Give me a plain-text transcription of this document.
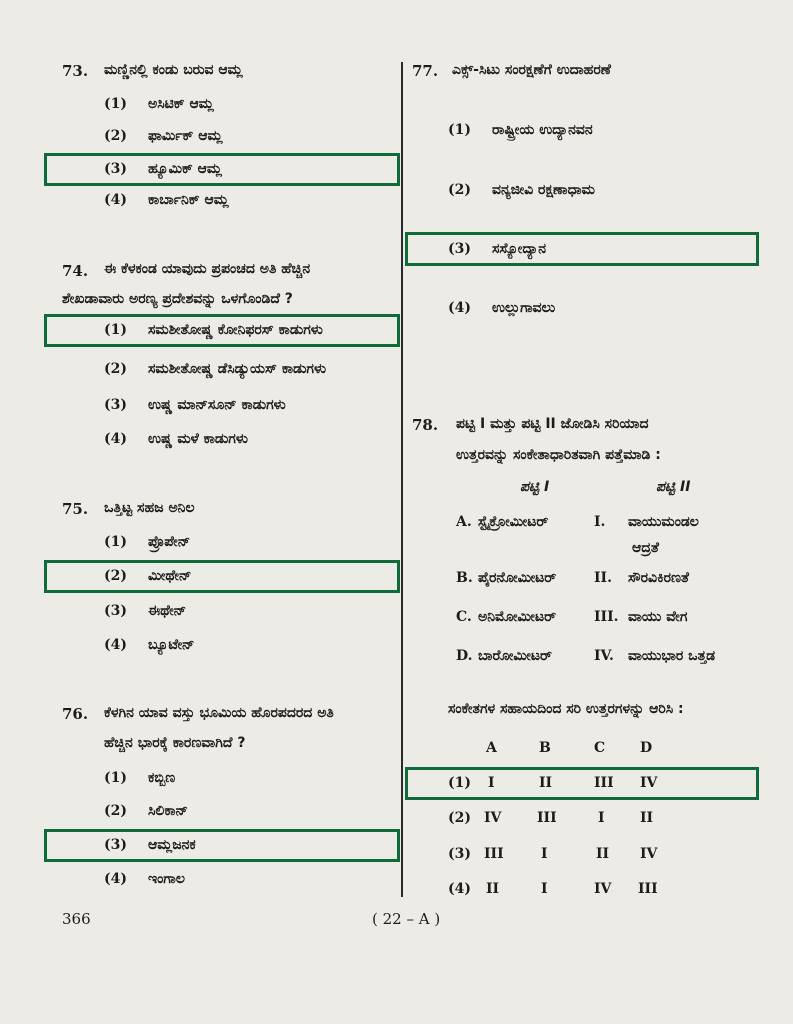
73. ಮಣ್ಣಿನಲ್ಲಿ ಕಂಡು ಬರುವ ಆಮ್ಲ
(1) ಅಸಿಟಿಕ್ ಆಮ್ಲ
(2) ಫಾರ್ಮಿಕ್ ಆಮ್ಲ
(3) ಹ್ಯೂಮಿಕ್ ಆಮ್ಲ
(4) ಕಾರ್ಬಾನಿಕ್ ಆಮ್ಲ
74. ಈ ಕೆಳಕಂಡ ಯಾವುದು ಪ್ರಪಂಚದ ಅತಿ ಹೆಚ್ಚಿನ
ಶೇಖಡಾವಾರು ಅರಣ್ಯ ಪ್ರದೇಶವನ್ನು ಒಳಗೊಂಡಿದೆ ?
(1) ಸಮಶೀತೋಷ್ಣ ಕೋನಿಫರಸ್ ಕಾಡುಗಳು
(2) ಸಮಶೀತೋಷ್ಣ ಡೆಸಿಡ್ಯುಯಸ್ ಕಾಡುಗಳು
(3) ಉಷ್ಣ ಮಾನ್‌ಸೂನ್ ಕಾಡುಗಳು
(4) ಉಷ್ಣ ಮಳೆ ಕಾಡುಗಳು
75. ಒತ್ತಿಟ್ಟ ಸಹಜ ಅನಿಲ
(1) ಪ್ರೊಪೇನ್
(2) ಮೀಥೇನ್
(3) ಈಥೇನ್
(4) ಬ್ಯೂಟೇನ್
76. ಕೆಳಗಿನ ಯಾವ ವಸ್ತು ಭೂಮಿಯ ಹೊರಪದರದ ಅತಿ
ಹೆಚ್ಚಿನ ಭಾರಕ್ಕೆ ಕಾರಣವಾಗಿದೆ ?
(1) ಕಬ್ಬಿಣ
(2) ಸಿಲಿಕಾನ್
(3) ಆಮ್ಲಜನಕ
(4) ಇಂಗಾಲ
77. ಎಕ್ಸ್‌-ಸಿಟು ಸಂರಕ್ಷಣೆಗೆ ಉದಾಹರಣೆ
(1) ರಾಷ್ಟ್ರೀಯ ಉದ್ಯಾನವನ
(2) ವನ್ಯಜೀವಿ ರಕ್ಷಣಾಧಾಮ
(3) ಸಸ್ಯೋದ್ಯಾನ
(4) ಉಲ್ಲುಗಾವಲು
78. ಪಟ್ಟಿ I ಮತ್ತು ಪಟ್ಟಿ II ಜೋಡಿಸಿ ಸರಿಯಾದ
ಉತ್ತರವನ್ನು ಸಂಕೇತಾಧಾರಿತವಾಗಿ ಪತ್ತೆಮಾಡಿ :
ಪಟ್ಟಿ I	ಪಟ್ಟಿ II
A. ಸ್ಟೈಕ್ರೋಮೀಟರ್	I. ವಾಯುಮಂಡಲ
ಆದ್ರತೆ
B. ಪೈರನೋಮೀಟರ್	II. ಸೌರವಿಕಿರಣತೆ
C. ಅನಿಮೋಮೀಟರ್	III. ವಾಯು ವೇಗ
D. ಬಾರೋಮೀಟರ್	IV. ವಾಯುಭಾರ ಒತ್ತಡ
ಸಂಕೇತಗಳ ಸಹಾಯದಿಂದ ಸರಿ ಉತ್ತರಗಳನ್ನು ಆರಿಸಿ :
A	B	C D
(1) I	II	III IV
(2) IV	III	I	II
(3) III	I	II IV
(4) II	I	IV III
366	( 22 – A )
